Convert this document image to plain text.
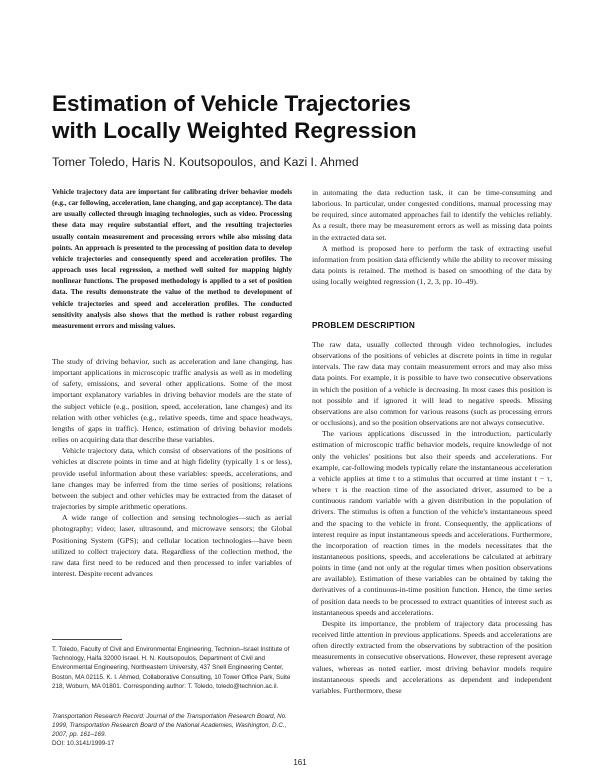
Estimation of Vehicle Trajectories
with Locally Weighted Regression

Tomer Toledo, Haris N. Koutsopoulos, and Kazi I. Ahmed

Vehicle trajectory data are important for calibrating driver behavior models (e.g., car following, acceleration, lane changing, and gap acceptance). The data are usually collected through imaging technologies, such as video. Processing these data may require substantial effort, and the resulting trajectories usually contain measurement and processing errors while also missing data points. An approach is presented to the processing of position data to develop vehicle trajectories and consequently speed and acceleration profiles. The approach uses local regression, a method well suited for mapping highly nonlinear functions. The proposed methodology is applied to a set of position data. The results demonstrate the value of the method to development of vehicle trajectories and speed and acceleration profiles. The conducted sensitivity analysis also shows that the method is rather robust regarding measurement errors and missing values.

The study of driving behavior, such as acceleration and lane changing, has important applications in microscopic traffic analysis as well as in modeling of safety, emissions, and several other applications. Some of the most important explanatory variables in driving behavior models are the state of the subject vehicle (e.g., position, speed, acceleration, lane changes) and its relation with other vehicles (e.g., relative speeds, time and space headways, lengths of gaps in traffic). Hence, estimation of driving behavior models relies on acquiring data that describe these variables.

Vehicle trajectory data, which consist of observations of the positions of vehicles at discrete points in time and at high fidelity (typically 1 s or less), provide useful information about these variables: speeds, accelerations, and lane changes may be inferred from the time series of positions; relations between the subject and other vehicles may be extracted from the dataset of trajectories by simple arithmetic operations.

A wide range of collection and sensing technologies—such as aerial photography; video; laser, ultrasound, and microwave sensors; the Global Positioning System (GPS); and cellular location technologies—have been utilized to collect trajectory data. Regardless of the collection method, the raw data first need to be reduced and then processed to infer variables of interest. Despite recent advances

T. Toledo, Faculty of Civil and Environmental Engineering, Technion–Israel Institute of Technology, Haifa 32000 Israel. H. N. Koutsopoulos, Department of Civil and Environmental Engineering, Northeastern University, 437 Snell Engineering Center, Boston, MA 02115. K. I. Ahmed, Collaborative Consulting, 10 Tower Office Park, Suite 218, Woburn, MA 01801. Corresponding author: T. Toledo, toledo@technion.ac.il.

Transportation Research Record: Journal of the Transportation Research Board, No. 1999, Transportation Research Board of the National Academies, Washington, D.C., 2007, pp. 161–169.

DOI: 10.3141/1999-17

in automating the data reduction task, it can be time-consuming and laborious. In particular, under congested conditions, manual processing may be required, since automated approaches fail to identify the vehicles reliably. As a result, there may be measurement errors as well as missing data points in the extracted data set.

A method is proposed here to perform the task of extracting useful information from position data efficiently while the ability to recover missing data points is retained. The method is based on smoothing of the data by using locally weighted regression (1, 2, 3, pp. 10–49).

PROBLEM DESCRIPTION

The raw data, usually collected through video technologies, includes observations of the positions of vehicles at discrete points in time in regular intervals. The raw data may contain measurement errors and may also miss data points. For example, it is possible to have two consecutive observations in which the position of a vehicle is decreasing. In most cases this position is not possible and if ignored it will lead to negative speeds. Missing observations are also common for various reasons (such as processing errors or occlusions), and so the position observations are not always consecutive.

The various applications discussed in the introduction, particularly estimation of microscopic traffic behavior models, require knowledge of not only the vehicles' positions but also their speeds and accelerations. For example, car-following models typically relate the instantaneous acceleration a vehicle applies at time t to a stimulus that occurred at time instant t − τ, where τ is the reaction time of the associated driver, assumed to be a continuous random variable with a given distribution in the population of drivers. The stimulus is often a function of the vehicle's instantaneous speed and the spacing to the vehicle in front. Consequently, the applications of interest require as input instantaneous speeds and accelerations. Furthermore, the incorporation of reaction times in the models necessitates that the instantaneous positions, speeds, and accelerations be calculated at arbitrary points in time (and not only at the regular times when position observations are available). Estimation of these variables can be obtained by taking the derivatives of a continuous-in-time position function. Hence, the time series of position data needs to be processed to extract quantities of interest such as instantaneous speeds and accelerations.

Despite its importance, the problem of trajectory data processing has received little attention in previous applications. Speeds and accelerations are often directly extracted from the observations by subtraction of the position measurements in consecutive observations. However, these represent average values, whereas as noted earlier, most driving behavior models require instantaneous speeds and accelerations as dependent and independent variables. Furthermore, these

161
